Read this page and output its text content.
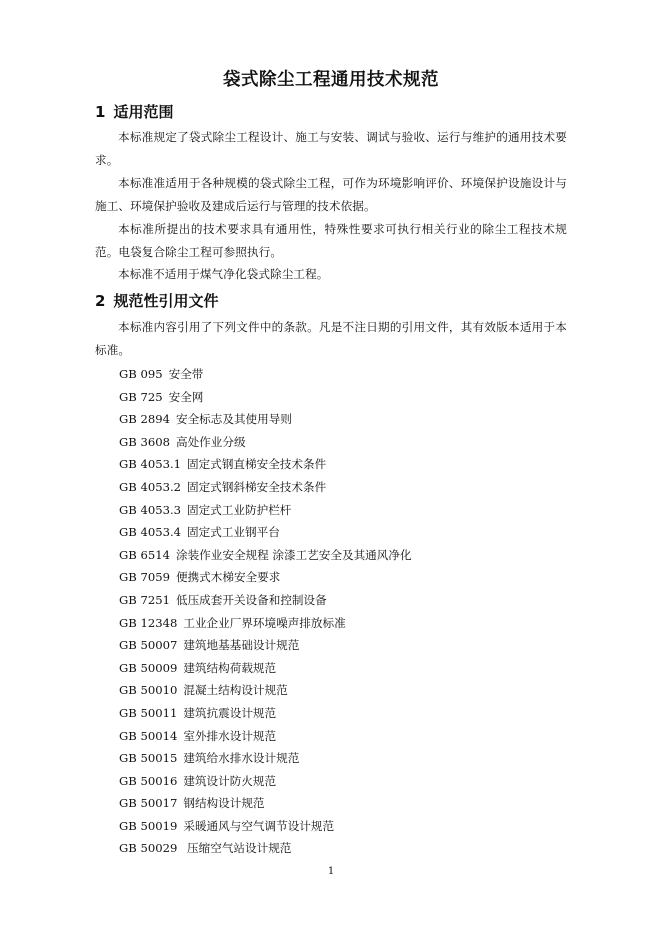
袋式除尘工程通用技术规范
1 适用范围

本标准规定了袋式除尘工程设计、施工与安装、调试与验收、运行与维护的通用技术要求。

本标准准适用于各种规模的袋式除尘工程，可作为环境影响评价、环境保护设施设计与施工、环境保护验收及建成后运行与管理的技术依据。

本标准所提出的技术要求具有通用性，特殊性要求可执行相关行业的除尘工程技术规范。电袋复合除尘工程可参照执行。

本标准不适用于煤气净化袋式除尘工程。

2 规范性引用文件

本标准内容引用了下列文件中的条款。凡是不注日期的引用文件，其有效版本适用于本标准。

GB 095 安全带
GB 725 安全网
GB 2894 安全标志及其使用导则
GB 3608 高处作业分级
GB 4053.1 固定式钢直梯安全技术条件
GB 4053.2 固定式钢斜梯安全技术条件
GB 4053.3 固定式工业防护栏杆
GB 4053.4 固定式工业钢平台
GB 6514 涂装作业安全规程 涂漆工艺安全及其通风净化
GB 7059 便携式木梯安全要求
GB 7251 低压成套开关设备和控制设备
GB 12348 工业企业厂界环境噪声排放标准
GB 50007 建筑地基基础设计规范
GB 50009 建筑结构荷载规范
GB 50010 混凝土结构设计规范
GB 50011 建筑抗震设计规范
GB 50014 室外排水设计规范
GB 50015 建筑给水排水设计规范
GB 50016 建筑设计防火规范
GB 50017 钢结构设计规范
GB 50019 采暖通风与空气调节设计规范
GB 50029 压缩空气站设计规范
1
